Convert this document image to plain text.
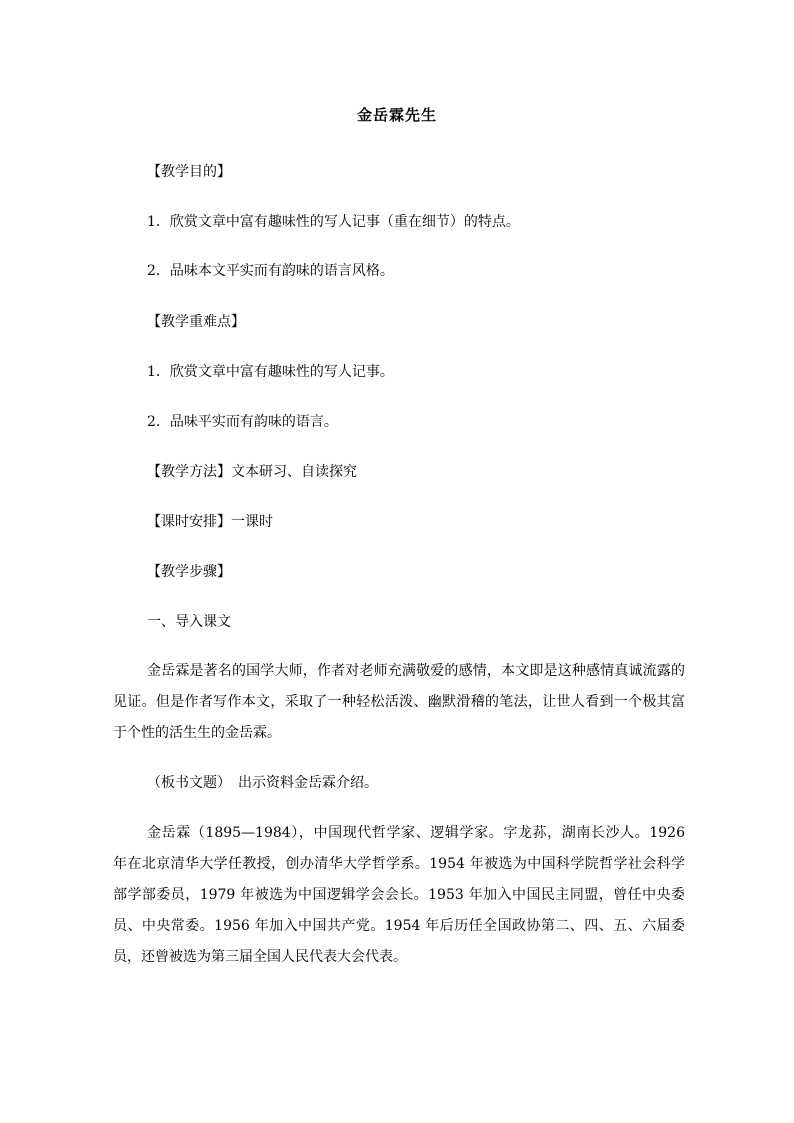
金岳霖先生
【教学目的】
1．欣赏文章中富有趣味性的写人记事（重在细节）的特点。
2．品味本文平实而有韵味的语言风格。
【教学重难点】
1．欣赏文章中富有趣味性的写人记事。
2．品味平实而有韵味的语言。
【教学方法】文本研习、自读探究
【课时安排】一课时
【教学步骤】
一、导入课文
金岳霖是著名的国学大师，作者对老师充满敬爱的感情，本文即是这种感情真诚流露的见证。但是作者写作本文，采取了一种轻松活泼、幽默滑稽的笔法，让世人看到一个极其富于个性的活生生的金岳霖。
（板书文题）　出示资料金岳霖介绍。
金岳霖（1895—1984），中国现代哲学家、逻辑学家。字龙荪，湖南长沙人。1926 年在北京清华大学任教授，创办清华大学哲学系。1954 年被选为中国科学院哲学社会科学部学部委员，1979 年被选为中国逻辑学会会长。1953 年加入中国民主同盟，曾任中央委员、中央常委。1956 年加入中国共产党。1954 年后历任全国政协第二、四、五、六届委员，还曾被选为第三届全国人民代表大会代表。
